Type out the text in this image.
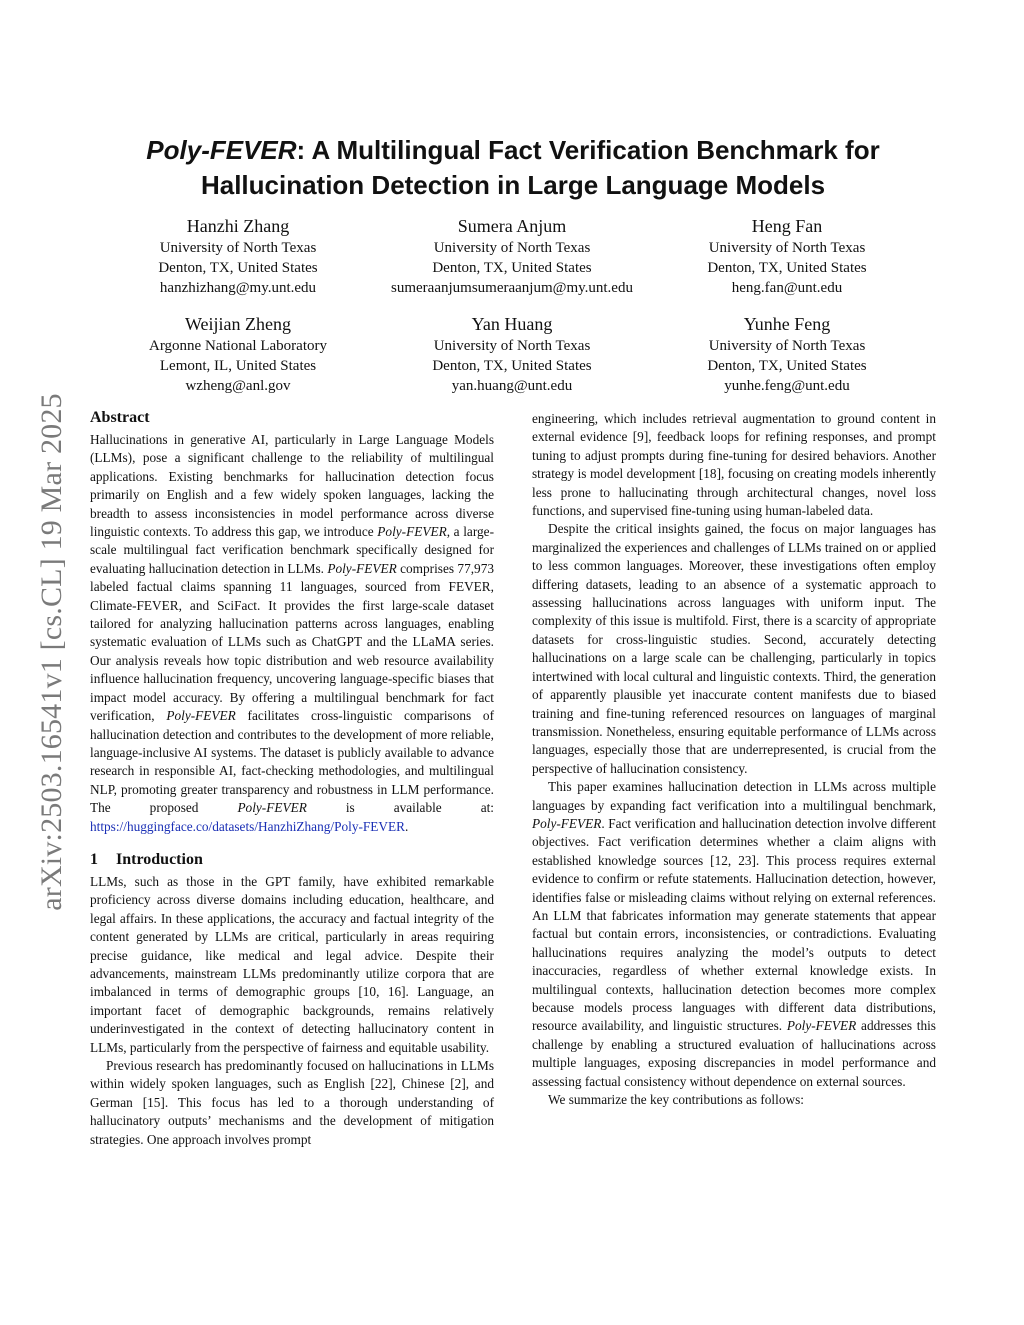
arXiv:2503.16541v1 [cs.CL] 19 Mar 2025
Poly-FEVER: A Multilingual Fact Verification Benchmark for
Hallucination Detection in Large Language Models
Hanzhi Zhang
University of North Texas
Denton, TX, United States
hanzhizhang@my.unt.edu
Sumera Anjum
University of North Texas
Denton, TX, United States
sumeraanjumsumeraanjum@my.unt.edu
Heng Fan
University of North Texas
Denton, TX, United States
heng.fan@unt.edu
Weijian Zheng
Argonne National Laboratory
Lemont, IL, United States
wzheng@anl.gov
Yan Huang
University of North Texas
Denton, TX, United States
yan.huang@unt.edu
Yunhe Feng
University of North Texas
Denton, TX, United States
yunhe.feng@unt.edu
Abstract

Hallucinations in generative AI, particularly in Large Language Models (LLMs), pose a significant challenge to the reliability of multilingual applications. Existing benchmarks for hallucination detection focus primarily on English and a few widely spoken languages, lacking the breadth to assess inconsistencies in model performance across diverse linguistic contexts. To address this gap, we introduce Poly-FEVER, a large-scale multilingual fact verification benchmark specifically designed for evaluating hallucination detection in LLMs. Poly-FEVER comprises 77,973 labeled factual claims spanning 11 languages, sourced from FEVER, Climate-FEVER, and SciFact. It provides the first large-scale dataset tailored for analyzing hallucination patterns across languages, enabling systematic evaluation of LLMs such as ChatGPT and the LLaMA series. Our analysis reveals how topic distribution and web resource availability influence hallucination frequency, uncovering language-specific biases that impact model accuracy. By offering a multilingual benchmark for fact verification, Poly-FEVER facilitates cross-linguistic comparisons of hallucination detection and contributes to the development of more reliable, language-inclusive AI systems. The dataset is publicly available to advance research in responsible AI, fact-checking methodologies, and multilingual NLP, promoting greater transparency and robustness in LLM performance. The proposed Poly-FEVER is available at: https://huggingface.co/datasets/HanzhiZhang/Poly-FEVER.

1 Introduction

LLMs, such as those in the GPT family, have exhibited remarkable proficiency across diverse domains including education, healthcare, and legal affairs. In these applications, the accuracy and factual integrity of the content generated by LLMs are critical, particularly in areas requiring precise guidance, like medical and legal advice. Despite their advancements, mainstream LLMs predominantly utilize corpora that are imbalanced in terms of demographic groups [10, 16]. Language, an important facet of demographic backgrounds, remains relatively underinvestigated in the context of detecting hallucinatory content in LLMs, particularly from the perspective of fairness and equitable usability.

Previous research has predominantly focused on hallucinations in LLMs within widely spoken languages, such as English [22], Chinese [2], and German [15]. This focus has led to a thorough understanding of hallucinatory outputs’ mechanisms and the development of mitigation strategies. One approach involves prompt

engineering, which includes retrieval augmentation to ground content in external evidence [9], feedback loops for refining responses, and prompt tuning to adjust prompts during fine-tuning for desired behaviors. Another strategy is model development [18], focusing on creating models inherently less prone to hallucinating through architectural changes, novel loss functions, and supervised fine-tuning using human-labeled data.

Despite the critical insights gained, the focus on major languages has marginalized the experiences and challenges of LLMs trained on or applied to less common languages. Moreover, these investigations often employ differing datasets, leading to an absence of a systematic approach to assessing hallucinations across languages with uniform input. The complexity of this issue is multifold. First, there is a scarcity of appropriate datasets for cross-linguistic studies. Second, accurately detecting hallucinations on a large scale can be challenging, particularly in topics intertwined with local cultural and linguistic contexts. Third, the generation of apparently plausible yet inaccurate content manifests due to biased training and fine-tuning referenced resources on languages of marginal transmission. Nonetheless, ensuring equitable performance of LLMs across languages, especially those that are underrepresented, is crucial from the perspective of hallucination consistency.

This paper examines hallucination detection in LLMs across multiple languages by expanding fact verification into a multilingual benchmark, Poly-FEVER. Fact verification and hallucination detection involve different objectives. Fact verification determines whether a claim aligns with established knowledge sources [12, 23]. This process requires external evidence to confirm or refute statements. Hallucination detection, however, identifies false or misleading claims without relying on external references. An LLM that fabricates information may generate statements that appear factual but contain errors, inconsistencies, or contradictions. Evaluating hallucinations requires analyzing the model’s outputs to detect inaccuracies, regardless of whether external knowledge exists. In multilingual contexts, hallucination detection becomes more complex because models process languages with different data distributions, resource availability, and linguistic structures. Poly-FEVER addresses this challenge by enabling a structured evaluation of hallucinations across multiple languages, exposing discrepancies in model performance and assessing factual consistency without dependence on external sources.

We summarize the key contributions as follows:
